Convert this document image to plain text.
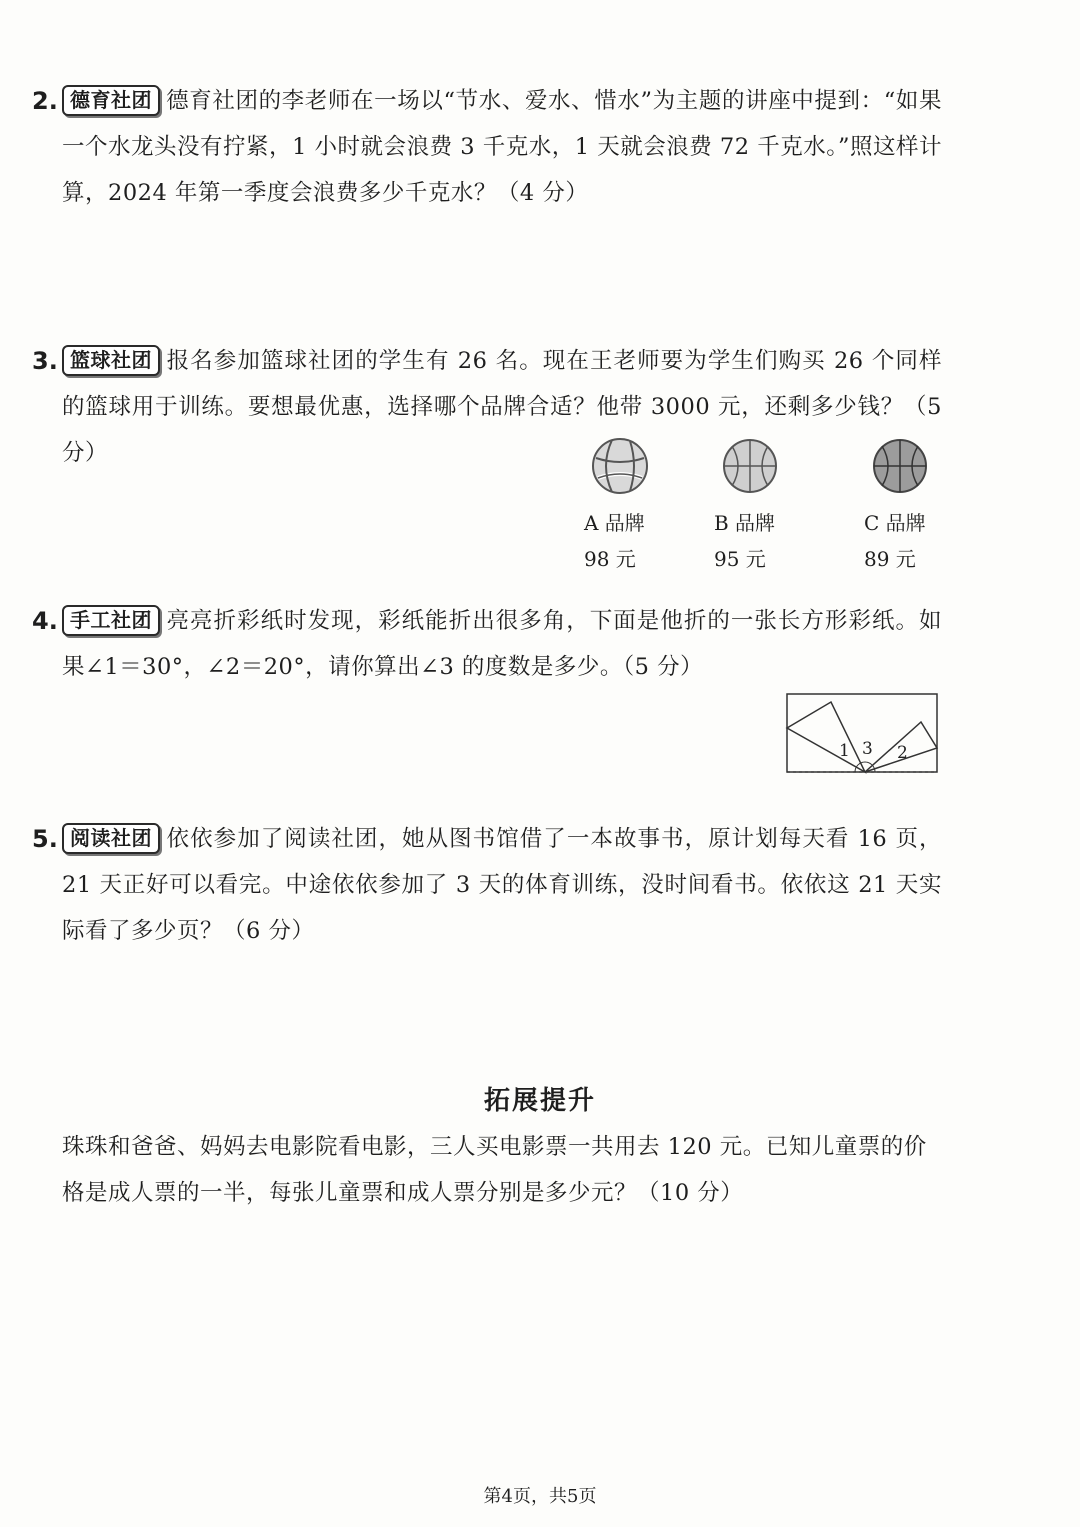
2. 德育社团 德育社团的李老师在一场以“节水、爱水、惜水”为主题的讲座中提到：“如果一个水龙头没有拧紧，1 小时就会浪费 3 千克水，1 天就会浪费 72 千克水。”照这样计算，2024 年第一季度会浪费多少千克水？（4 分）
3. 篮球社团 报名参加篮球社团的学生有 26 名。现在王老师要为学生们购买 26 个同样的篮球用于训练。要想最优惠，选择哪个品牌合适？他带 3000 元，还剩多少钱？（5 分）
A 品牌
98 元
B 品牌
95 元
C 品牌
89 元
4. 手工社团 亮亮折彩纸时发现，彩纸能折出很多角，下面是他折的一张长方形彩纸。如果∠1＝30°，∠2＝20°，请你算出∠3 的度数是多少。（5 分）
1 3 2
5. 阅读社团 依依参加了阅读社团，她从图书馆借了一本故事书，原计划每天看 16 页，21 天正好可以看完。中途依依参加了 3 天的体育训练，没时间看书。依依这 21 天实际看了多少页？（6 分）
拓展提升
珠珠和爸爸、妈妈去电影院看电影，三人买电影票一共用去 120 元。已知儿童票的价格是成人票的一半，每张儿童票和成人票分别是多少元？（10 分）
第4页，共5页
